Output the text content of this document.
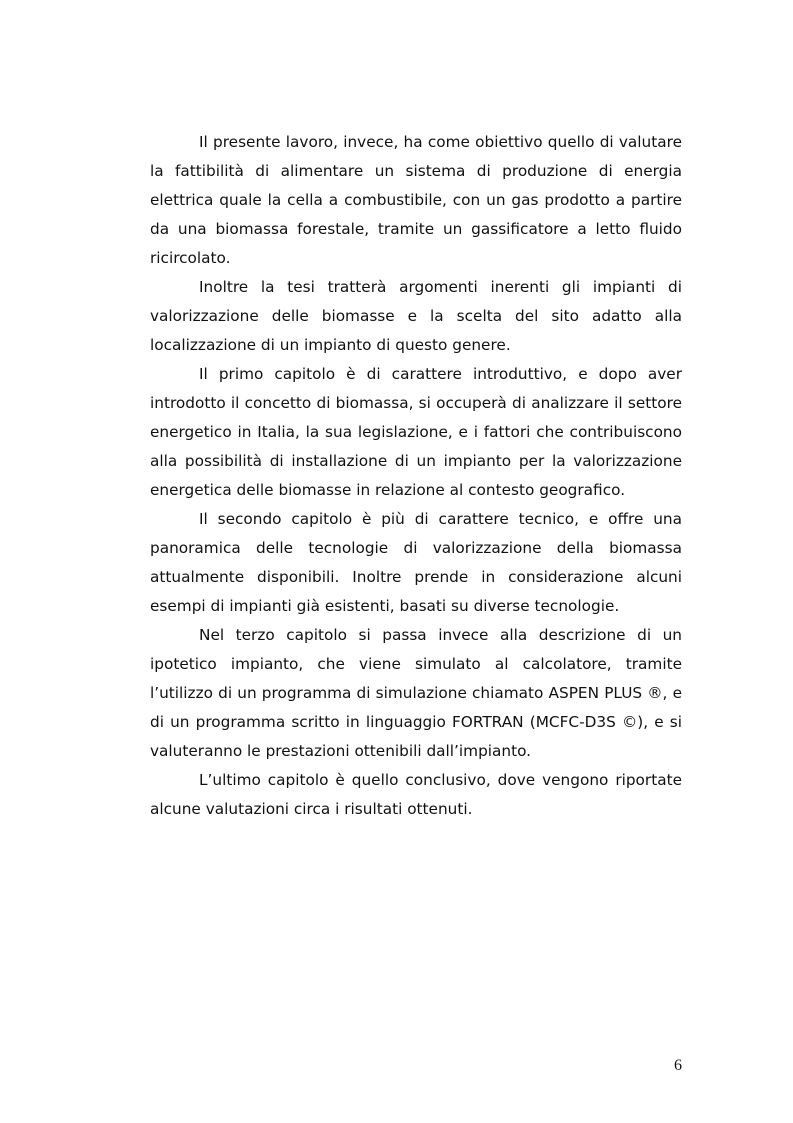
Il presente lavoro, invece, ha come obiettivo quello di valutare la fattibilità di alimentare un sistema di produzione di energia elettrica quale la cella a combustibile, con un gas prodotto a partire da una biomassa forestale, tramite un gassificatore a letto fluido ricircolato.

Inoltre la tesi tratterà argomenti inerenti gli impianti di valorizzazione delle biomasse e la scelta del sito adatto alla localizzazione di un impianto di questo genere.

Il primo capitolo è di carattere introduttivo, e dopo aver introdotto il concetto di biomassa, si occuperà di analizzare il settore energetico in Italia, la sua legislazione, e i fattori che contribuiscono alla possibilità di installazione di un impianto per la valorizzazione energetica delle biomasse in relazione al contesto geografico.

Il secondo capitolo è più di carattere tecnico, e offre una panoramica delle tecnologie di valorizzazione della biomassa attualmente disponibili. Inoltre prende in considerazione alcuni esempi di impianti già esistenti, basati su diverse tecnologie.

Nel terzo capitolo si passa invece alla descrizione di un ipotetico impianto, che viene simulato al calcolatore, tramite l’utilizzo di un programma di simulazione chiamato ASPEN PLUS ®, e di un programma scritto in linguaggio FORTRAN (MCFC-D3S ©), e si valuteranno le prestazioni ottenibili dall’impianto.

L’ultimo capitolo è quello conclusivo, dove vengono riportate alcune valutazioni circa i risultati ottenuti.

6
